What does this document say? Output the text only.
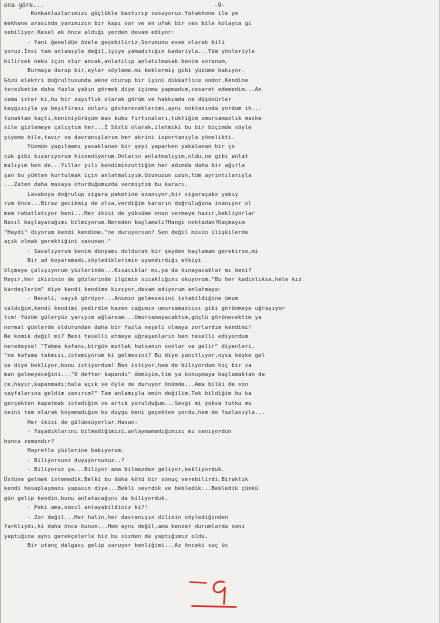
ona göre...	-9-
Konkanlazlarımızı güçlükle bastırıp susuyoruz.Yatakhone ile ye
mekhane arasında yanımızın bir kapı var ve en ufak bir ses bile kolayca gi
sebiliyor.Kesel ek önce aldığı yerden devam ediyor:
- Yani ğeneldün özele geçebiliriz.Sorununu esee olarak bili
yoruz.İnsi tam anlamıyle değil,işiye yamadıtığın kadarıyla...Tüm yönleriyle
bilirsek neku için olur ancak,anlatılıp anlatılmasak benim sorunum.
Burmaşa durup bir,eyler söyleme.mi beklermiş gibi yüzüme bakıyor.
Gözü elektri doğrultusunda akne oturup bir işini dikkatlice ondor.Kendine
tereiketim daha fazla yakın görmek diye içinmu yapmadım,cesaret edemedim...An
sama ister ki,bu bir zayıflık olarak görüm ve hakkımda ne düşünürler
kaygısıyla ya beyifirası onları göstereceklerimi,aynı noktasında yordum ih...
tunaktam kaçtı,keniniyürüşüm mas kubu fırtınaları,tuktiğim umursamazlık maske
sile gizlemeye çalıştım her...İ Sözlü olarak,iletmiki bu bir biçimde söyle
yiyeme bile,tavır ve davranışlarım her akrini isportanıyla yönelikti.
Yüzmün yapılmamı yasaklanan bir şeyi yaparken yakalanan bir ço
cuk gibi kızarıyorum hissediyorum.Onların anlatmalıyım,oldu,ne gibi anlat
malıyım ben de...Yıllar yılı kendiminzuttiğim her adımda daha bir ağırla
şan bu yükten kurtulmak için anlatmalıyım.Uzunuzun uzun,tüm ayrıntılarıyla
...Zaten daha masaya oturduğumuzda vermiştim bu kararı.
Lavaboya doğrulup sigara paketine uzanıyor,bir sigaraşakx yakıy
rum önce...Biraz gecikmiş de olsa,verdiğim kararın doğruluğuna inanıyor ol
mam rahatlatıyor beni...Her ikisi de yüksüme onun vermeye hazır,bekliyorlar
Nasıl başlayacağımı bilmiyorum.Nereden başlamalı?Hangi noktadan?Kaçmayım
"Haydi" diyorum kendi kendime,"ne duruyorsun? Sen değil misin ilişkilerde
açık olmak gerektiğini savunan."
- Savalıyorum benim dünyamı dolduran bir şeyden başlamam gerekirse,mi
Bir ad koyaramadı,söylediklerimin uyandırdığı etkiyi
ölçmeye çalışıyorum yüzlerinde...Kısacıklar mı,ya da kınayacaklar mı beni?
Hayır,her ikisinin de gözlerinde ilgimin sıcaklığını okuyorum."Bu her kadınlıksa,hele kız
kardeşlerim" diye kendi kendime kızıyor,devam ediyorum anlatmaya:
- Neceli, sayık görüyor...Anımın gelmesesini istabildiğine ümum
saldığım,kendi kendimi yedirdim bazen cağımın umursamazcısı gibi görünmeye uğraşıyor
tım! Yüzüm güleryüz yarıyım ağlarsam...Umursamayacaktım,güçlü görünecektim ya
normal günlerde oldurundan daha bir fazla neşeli olmaya zorlardım kendimi!
Ne komik değil mi? Beni teselli etmeye uğraşanların ben teselli ediyordum
neredeyse! "Takma kafanı,birgün mutlak hatsanın sonlar ve gelir" diyenleri,
"ne kafama takmısı,istemiyorum ki gelmesini? Bu diye yanıtlıyor,oysa keşke gel
se diye bekliyor,bunu istiyordum! Ben istiyor,hem de biliyordum hiç bir za
man gelmeyeceğini..."O defter kapandı" demişim,tim ya konuşmaya başlamaktan de
ce,hayır,kapanmadı;hala açık ve öyle de duruyor önümde...Ama bilki de son
sayfalarına geldim sanırım?" Tam anlamıyla emin değilim.Tek bildiğim bu ka
gerçekten kapatmak istediğim ve artık yorulduğum...Sevgi mi yoksa tutku mu
seini tam olarak koyamadığım bu duygu beni geçekten yordu,hem de fazlasıyla...
Her ikisi de gülümsüyorlar.Hasan:
- Yaşadıklarını bilmediğimizi,anlaymamadığımızı mı sanıyordun
bunca zamandır?
Hayretle yüzlerine bakıyorum.
- Biliyorsunx duyuyorsunuz..?
- Biliyoruz ya...Biliyor ama bilmezden geliyor,bekliyorduk.
Üstüne gelmek istemedik.Belki bu daha kötü bir sonuç verebilirdi.Biraktık
kendi hesaplaşmanı yapasın diye...Bekli sevrdik ve bekledik...Bekledik çünkü
gün gelip kendin,bunu anlatacağını da biliyorduk.
- Peki ama,nasıl anlayabildiniz ki?!
- Zor değil...Her halin,her davranışın dilinin söylediğinden
farklıydı,ki daha önce bunun...Hem aynı değil,ama benzer durumlarda seni
yaptığına aynı gerekçelerle biz bu sizden de yaptığımız oldu.
Bir utanç dalgası gelip saruyor benliğimi...Az önceki suç üs
